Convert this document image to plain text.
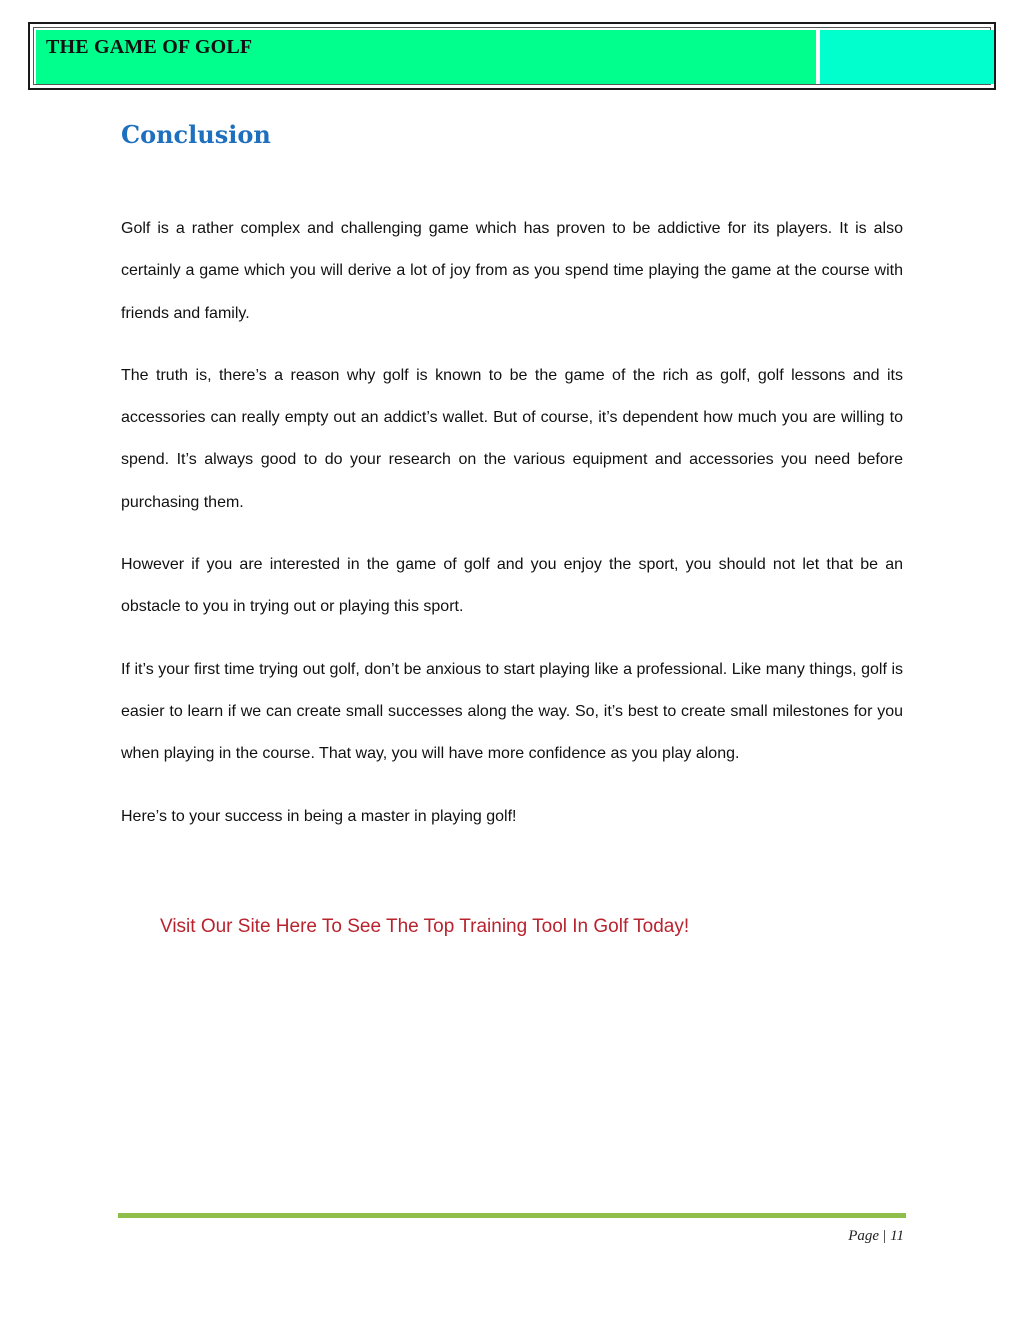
THE GAME OF GOLF
Conclusion

Golf is a rather complex and challenging game which has proven to be addictive for its players. It is also certainly a game which you will derive a lot of joy from as you spend time playing the game at the course with friends and family.

The truth is, there’s a reason why golf is known to be the game of the rich as golf, golf lessons and its accessories can really empty out an addict’s wallet. But of course, it’s dependent how much you are willing to spend. It’s always good to do your research on the various equipment and accessories you need before purchasing them.

However if you are interested in the game of golf and you enjoy the sport, you should not let that be an obstacle to you in trying out or playing this sport.

If it’s your first time trying out golf, don’t be anxious to start playing like a professional. Like many things, golf is easier to learn if we can create small successes along the way. So, it’s best to create small milestones for you when playing in the course. That way, you will have more confidence as you play along.

Here’s to your success in being a master in playing golf!

Visit Our Site Here To See The Top Training Tool In Golf Today!
Page | 11
